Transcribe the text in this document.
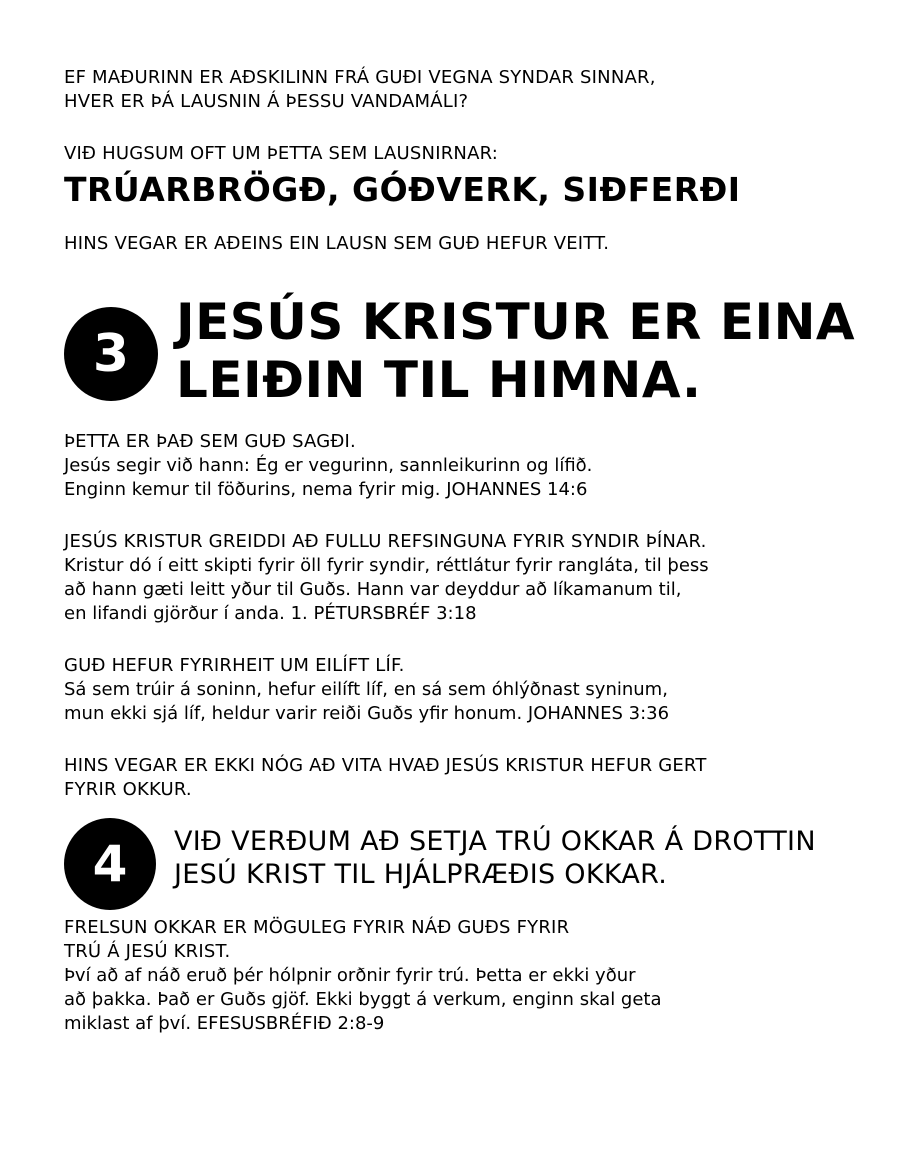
EF MAÐURINN ER AÐSKILINN FRÁ GUÐI VEGNA SYNDAR SINNAR,

HVER ER ÞÁ LAUSNIN Á ÞESSU VANDAMÁLI?

VIÐ HUGSUM OFT UM ÞETTA SEM LAUSNIRNAR:

TRÚARBRÖGÐ, GÓÐVERK, SIÐFERÐI

HINS VEGAR ER AÐEINS EIN LAUSN SEM GUÐ HEFUR VEITT.

3

JESÚS KRISTUR ER EINA

LEIÐIN TIL HIMNA.

ÞETTA ER ÞAÐ SEM GUÐ SAGÐI.

Jesús segir við hann: Ég er vegurinn, sannleikurinn og lífið.

Enginn kemur til föðurins, nema fyrir mig. JOHANNES 14:6

JESÚS KRISTUR GREIDDI AÐ FULLU REFSINGUNA FYRIR SYNDIR ÞÍNAR.

Kristur dó í eitt skipti fyrir öll fyrir syndir, réttlátur fyrir rangláta, til þess

að hann gæti leitt yður til Guðs. Hann var deyddur að líkamanum til,

en lifandi gjörður í anda. 1. PÉTURSBRÉF 3:18

GUÐ HEFUR FYRIRHEIT UM EILÍFT LÍF.

Sá sem trúir á soninn, hefur eilíft líf, en sá sem óhlýðnast syninum,

mun ekki sjá líf, heldur varir reiði Guðs yfir honum. JOHANNES 3:36

HINS VEGAR ER EKKI NÓG AÐ VITA HVAÐ JESÚS KRISTUR HEFUR GERT

FYRIR OKKUR.

4 VIÐ VERÐUM AÐ SETJA TRÚ OKKAR Á DROTTIN

JESÚ KRIST TIL HJÁLPRÆÐIS OKKAR.

FRELSUN OKKAR ER MÖGULEG FYRIR NÁÐ GUÐS FYRIR

TRÚ Á JESÚ KRIST.

Því að af náð eruð þér hólpnir orðnir fyrir trú. Þetta er ekki yður

að þakka. Það er Guðs gjöf. Ekki byggt á verkum, enginn skal geta

miklast af því. EFESUSBRÉFIÐ 2:8-9
